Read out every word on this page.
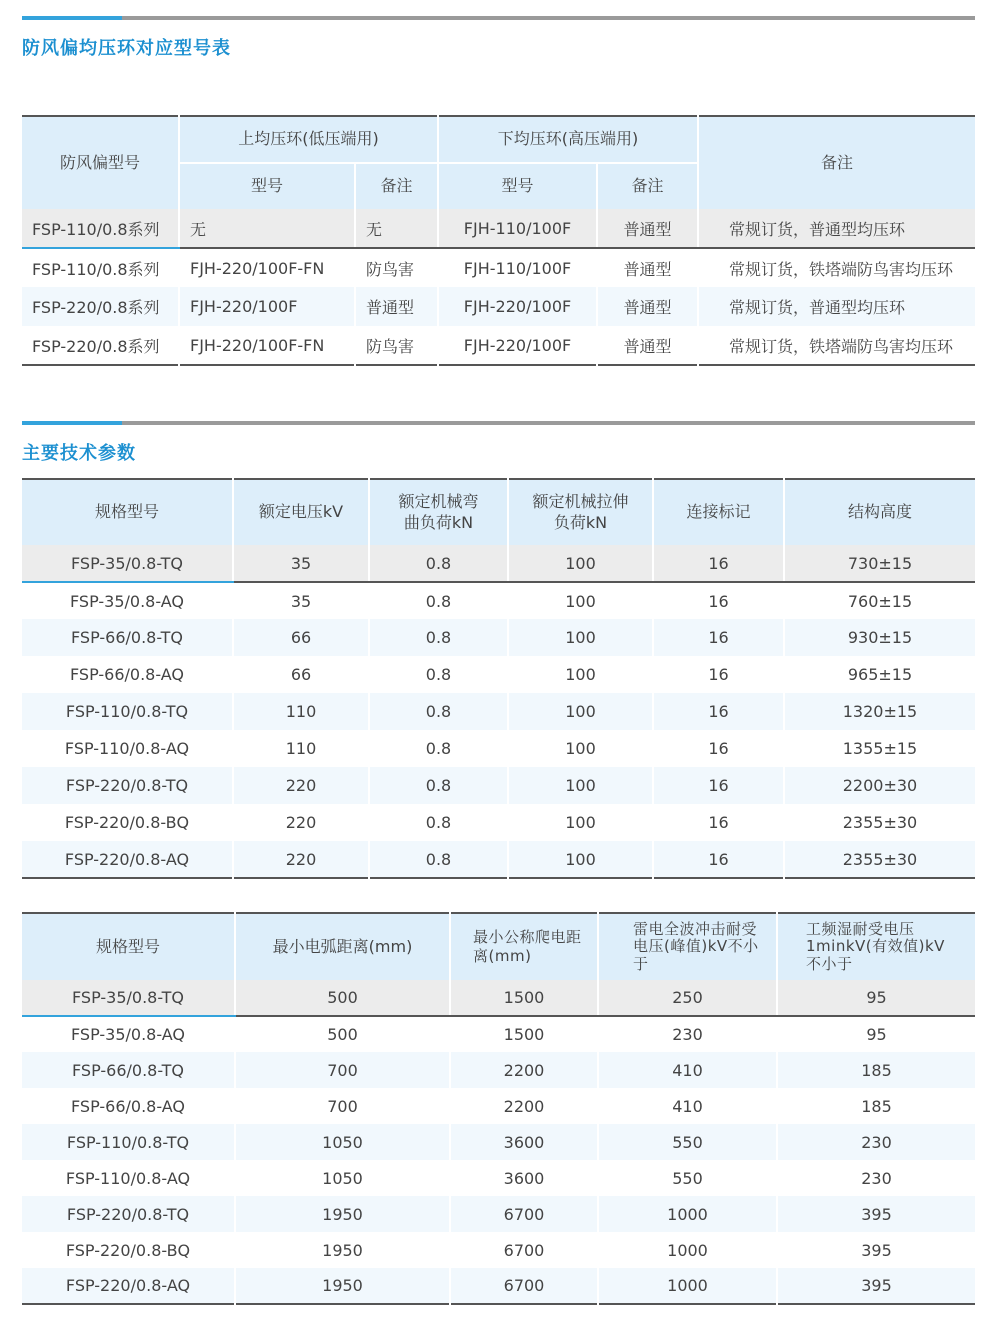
防风偏均压环对应型号表
防风偏型号	上均压环(低压端用)		下均压环(高压端用)		备注
	型号	备注	型号	备注	
FSP-110/0.8系列	无	无	FJH-110/100F	普通型	常规订货，普通型均压环
FSP-110/0.8系列	FJH-220/100F-FN	防鸟害	FJH-110/100F	普通型	常规订货，铁塔端防鸟害均压环
FSP-220/0.8系列	FJH-220/100F	普通型	FJH-220/100F	普通型	常规订货，普通型均压环
FSP-220/0.8系列	FJH-220/100F-FN	防鸟害	FJH-220/100F	普通型	常规订货，铁塔端防鸟害均压环
主要技术参数
规格型号	额定电压kV	额定机械弯曲负荷kN	额定机械拉伸负荷kN	连接标记	结构高度
FSP-35/0.8-TQ	35	0.8	100	16	730±15
FSP-35/0.8-AQ	35	0.8	100	16	760±15
FSP-66/0.8-TQ	66	0.8	100	16	930±15
FSP-66/0.8-AQ	66	0.8	100	16	965±15
FSP-110/0.8-TQ	110	0.8	100	16	1320±15
FSP-110/0.8-AQ	110	0.8	100	16	1355±15
FSP-220/0.8-TQ	220	0.8	100	16	2200±30
FSP-220/0.8-BQ	220	0.8	100	16	2355±30
FSP-220/0.8-AQ	220	0.8	100	16	2355±30
规格型号	最小电弧距离(mm)	最小公称爬电距离(mm)	雷电全波冲击耐受电压(峰值)kV不小于	工频湿耐受电压1minkV(有效值)kV不小于
FSP-35/0.8-TQ	500	1500	250	95
FSP-35/0.8-AQ	500	1500	230	95
FSP-66/0.8-TQ	700	2200	410	185
FSP-66/0.8-AQ	700	2200	410	185
FSP-110/0.8-TQ	1050	3600	550	230
FSP-110/0.8-AQ	1050	3600	550	230
FSP-220/0.8-TQ	1950	6700	1000	395
FSP-220/0.8-BQ	1950	6700	1000	395
FSP-220/0.8-AQ	1950	6700	1000	395
